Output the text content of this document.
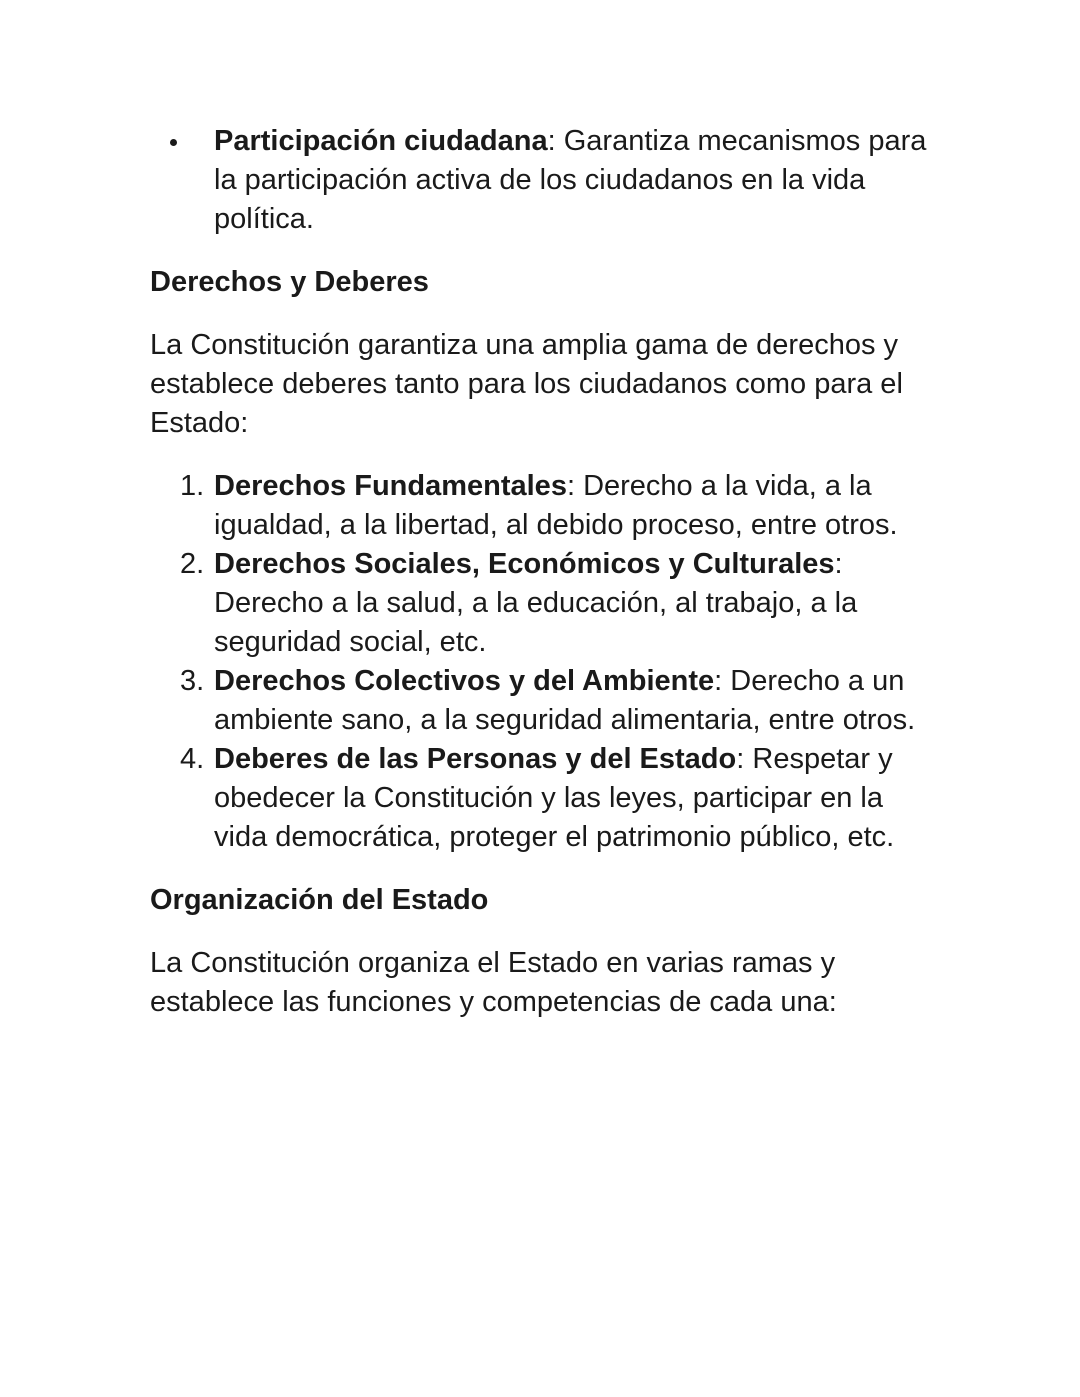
Participación ciudadana: Garantiza mecanismos para la participación activa de los ciudadanos en la vida política.
Derechos y Deberes

La Constitución garantiza una amplia gama de derechos y establece deberes tanto para los ciudadanos como para el Estado:

1. Derechos Fundamentales: Derecho a la vida, a la igualdad, a la libertad, al debido proceso, entre otros.
2. Derechos Sociales, Económicos y Culturales: Derecho a la salud, a la educación, al trabajo, a la seguridad social, etc.
3. Derechos Colectivos y del Ambiente: Derecho a un ambiente sano, a la seguridad alimentaria, entre otros.
4. Deberes de las Personas y del Estado: Respetar y obedecer la Constitución y las leyes, participar en la vida democrática, proteger el patrimonio público, etc.
Organización del Estado

La Constitución organiza el Estado en varias ramas y establece las funciones y competencias de cada una:
